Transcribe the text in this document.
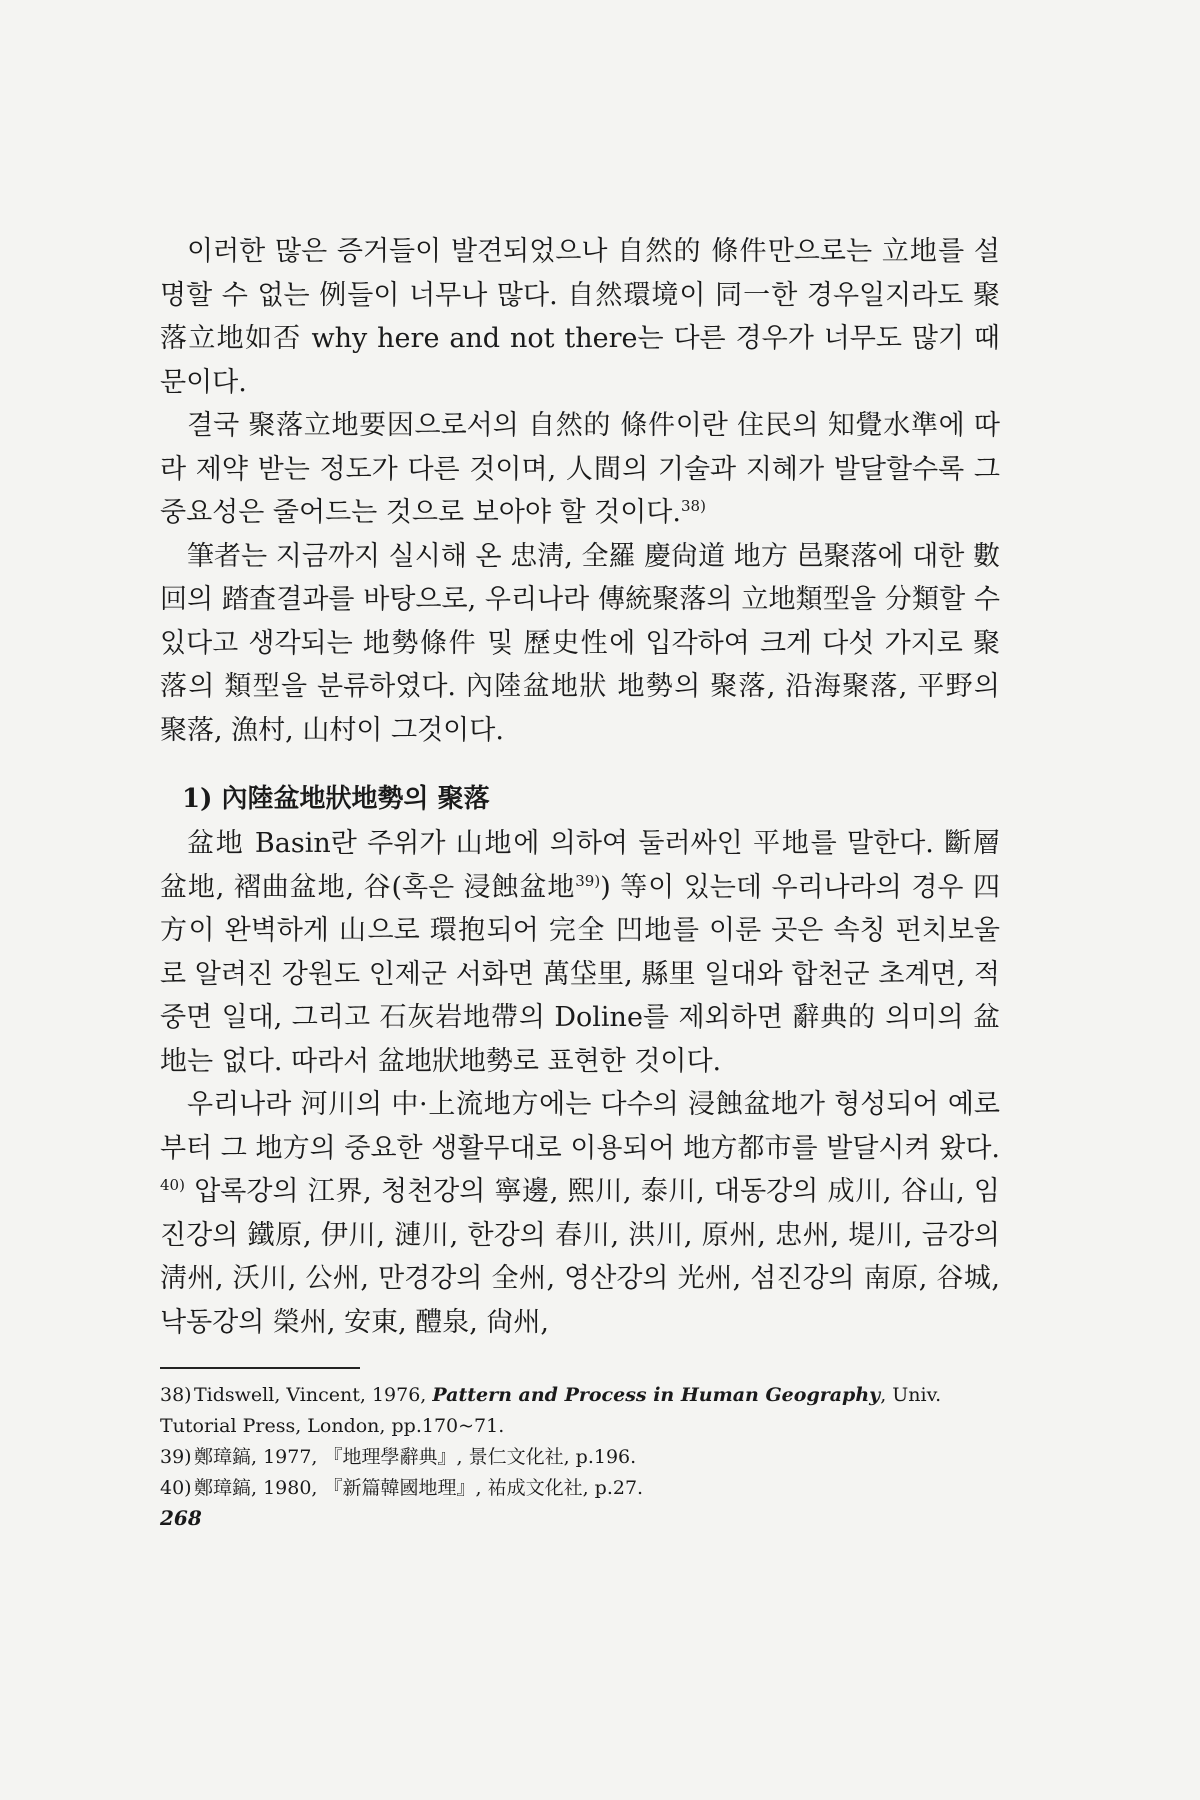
이러한 많은 증거들이 발견되었으나 自然的 條件만으로는 立地를 설명할 수 없는 例들이 너무나 많다. 自然環境이 同一한 경우일지라도 聚落立地如否 why here and not there는 다른 경우가 너무도 많기 때문이다.

결국 聚落立地要因으로서의 自然的 條件이란 住民의 知覺水準에 따라 제약 받는 정도가 다른 것이며, 人間의 기술과 지혜가 발달할수록 그 중요성은 줄어드는 것으로 보아야 할 것이다.$^{38)}$

筆者는 지금까지 실시해 온 忠淸, 全羅 慶尙道 地方 邑聚落에 대한 數回의 踏査결과를 바탕으로, 우리나라 傳統聚落의 立地類型을 分類할 수 있다고 생각되는 地勢條件 및 歷史性에 입각하여 크게 다섯 가지로 聚落의 類型을 분류하였다. 內陸盆地狀 地勢의 聚落, 沿海聚落, 平野의 聚落, 漁村, 山村이 그것이다.

1) 內陸盆地狀地勢의 聚落

盆地 Basin란 주위가 山地에 의하여 둘러싸인 平地를 말한다. 斷層盆地, 褶曲盆地, 谷(혹은 浸蝕盆地$^{39)}$) 等이 있는데 우리나라의 경우 四方이 완벽하게 山으로 環抱되어 完全 凹地를 이룬 곳은 속칭 펀치보울로 알려진 강원도 인제군 서화면 萬垈里, 縣里 일대와 합천군 초계면, 적중면 일대, 그리고 石灰岩地帶의 Doline를 제외하면 辭典的 의미의 盆地는 없다. 따라서 盆地狀地勢로 표현한 것이다.

우리나라 河川의 中·上流地方에는 다수의 浸蝕盆地가 형성되어 예로부터 그 地方의 중요한 생활무대로 이용되어 地方都市를 발달시켜 왔다.$^{40)}$ 압록강의 江界, 청천강의 寧邊, 熙川, 泰川, 대동강의 成川, 谷山, 임진강의 鐵原, 伊川, 漣川, 한강의 春川, 洪川, 原州, 忠州, 堤川, 금강의 淸州, 沃川, 公州, 만경강의 全州, 영산강의 光州, 섬진강의 南原, 谷城, 낙동강의 榮州, 安東, 醴泉, 尙州,

38) Tidswell, Vincent, 1976, Pattern and Process in Human Geography, Univ. Tutorial Press, London, pp.170~71.

39) 鄭璋鎬, 1977, 『地理學辭典』, 景仁文化社, p.196.

40) 鄭璋鎬, 1980, 『新篇韓國地理』, 祐成文化社, p.27.

268
